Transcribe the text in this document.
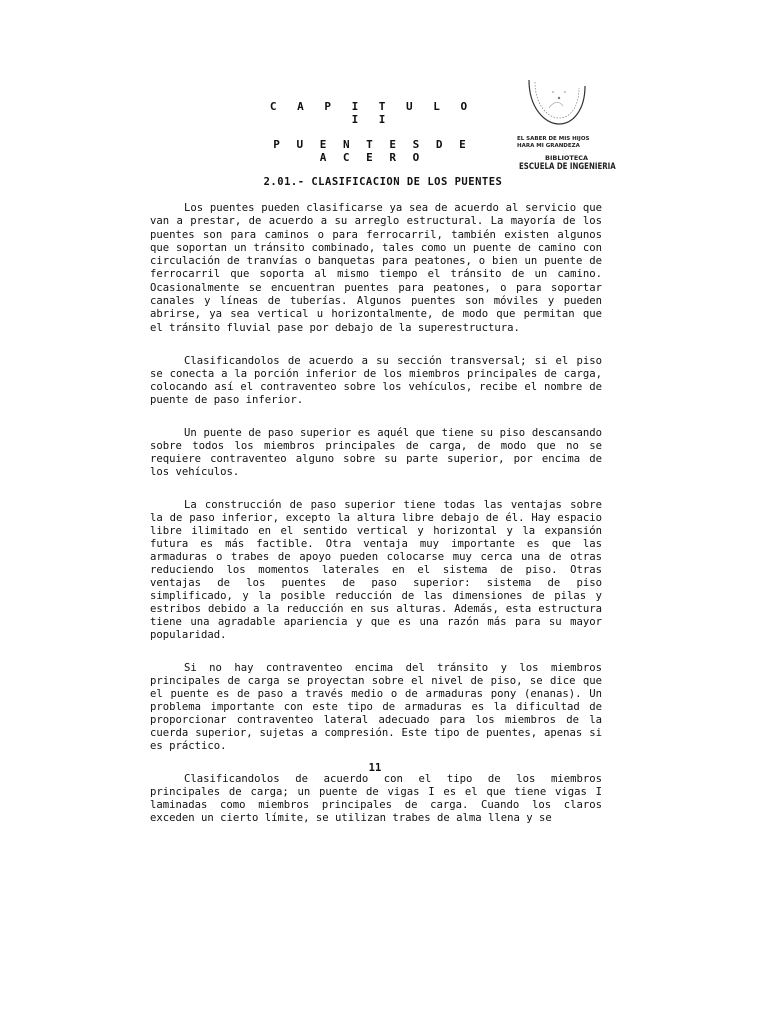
C A P I T U L O I I
P U E N T E S D E A C E R O
2.01.- CLASIFICACION DE LOS PUENTES
EL SABER DE MIS HIJOS
HARA MI GRANDEZA
BIBLIOTECA
ESCUELA DE INGENIERIA

Los puentes pueden clasificarse ya sea de acuerdo al servicio que van a prestar, de acuerdo a su arreglo estructural. La mayoría de los puentes son para caminos o para ferrocarril, también existen algunos que soportan un tránsito combinado, tales como un puente de camino con circulación de tranvías o banquetas para peatones, o bien un puente de ferrocarril que soporta al mismo tiempo el tránsito de un camino. Ocasionalmente se encuentran puentes para peatones, o para soportar canales y líneas de tuberías. Algunos puentes son móviles y pueden abrirse, ya sea vertical u horizontalmente, de modo que permitan que el tránsito fluvial pase por debajo de la superestructura.

Clasificandolos de acuerdo a su sección transversal; si el piso se conecta a la porción inferior de los miembros principales de carga, colocando así el contraventeo sobre los vehículos, recibe el nombre de puente de paso inferior.

Un puente de paso superior es aquél que tiene su piso descansando sobre todos los miembros principales de carga, de modo que no se requiere contraventeo alguno sobre su parte superior, por encima de los vehículos.

La construcción de paso superior tiene todas las ventajas sobre la de paso inferior, excepto la altura libre debajo de él. Hay espacio libre ilimitado en el sentido vertical y horizontal y la expansión futura es más factible. Otra ventaja muy importante es que las armaduras o trabes de apoyo pueden colocarse muy cerca una de otras reduciendo los momentos laterales en el sistema de piso. Otras ventajas de los puentes de paso superior: sistema de piso simplificado, y la posible reducción de las dimensiones de pilas y estribos debido a la reducción en sus alturas. Además, esta estructura tiene una agradable apariencia y que es una razón más para su mayor popularidad.

Si no hay contraventeo encima del tránsito y los miembros principales de carga se proyectan sobre el nivel de piso, se dice que el puente es de paso a través medio o de armaduras pony (enanas). Un problema importante con este tipo de armaduras es la dificultad de proporcionar contraventeo lateral adecuado para los miembros de la cuerda superior, sujetas a compresión. Este tipo de puentes, apenas si es práctico.

Clasificandolos de acuerdo con el tipo de los miembros principales de carga; un puente de vigas I es el que tiene vigas I laminadas como miembros principales de carga. Cuando los claros exceden un cierto límite, se utilizan trabes de alma llena y se

11
